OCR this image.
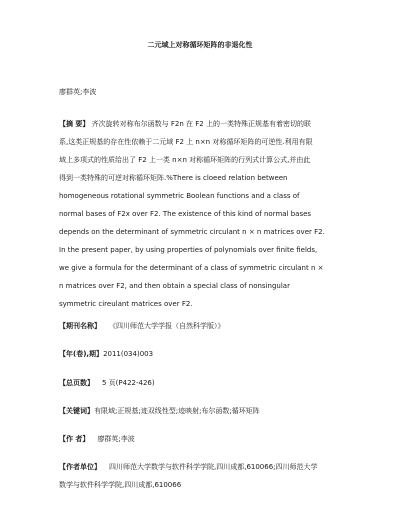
二元域上对称循环矩阵的非退化性
廖群英;李波
【摘 要】 齐次旋转对称布尔函数与 F2n 在 F2 上的一类特殊正规基有着密切的联
系,这类正规基的存在性依赖于二元域 F2 上 n×n 对称循环矩阵的可逆性.利用有限
域上多项式的性质给出了 F2 上一类 n×n 对称循环矩阵的行列式计算公式,并由此
得到一类特殊的可逆对称循环矩阵.%There is cloeed relation between
homogeneous rotational symmetric Boolean functions and a class of
normal bases of F2x over F2. The existence of this kind of normal bases
depends on the determinant of symmetric circulant n × n matrices over F2.
In the present paper, by using properties of polynomials over finite fields,
we give a formula for the determinant of a class of symmetric circulant n ×
n matrices over F2, and then obtain a special class of nonsingular
symmetric cireulant matrices over F2.
【期刊名称】 《四川师范大学学报（自然科学版）》
【年(卷),期】2011(034)003
【总页数】 5 页(P422-426)
【关键词】有限域;正规基;迹双线性型;迹映射;布尔函数;循环矩阵
【作 者】 廖群英;李波
【作者单位】 四川师范大学数学与软件科学学院,四川成都,610066;四川师范大学
数学与软件科学学院,四川成都,610066
